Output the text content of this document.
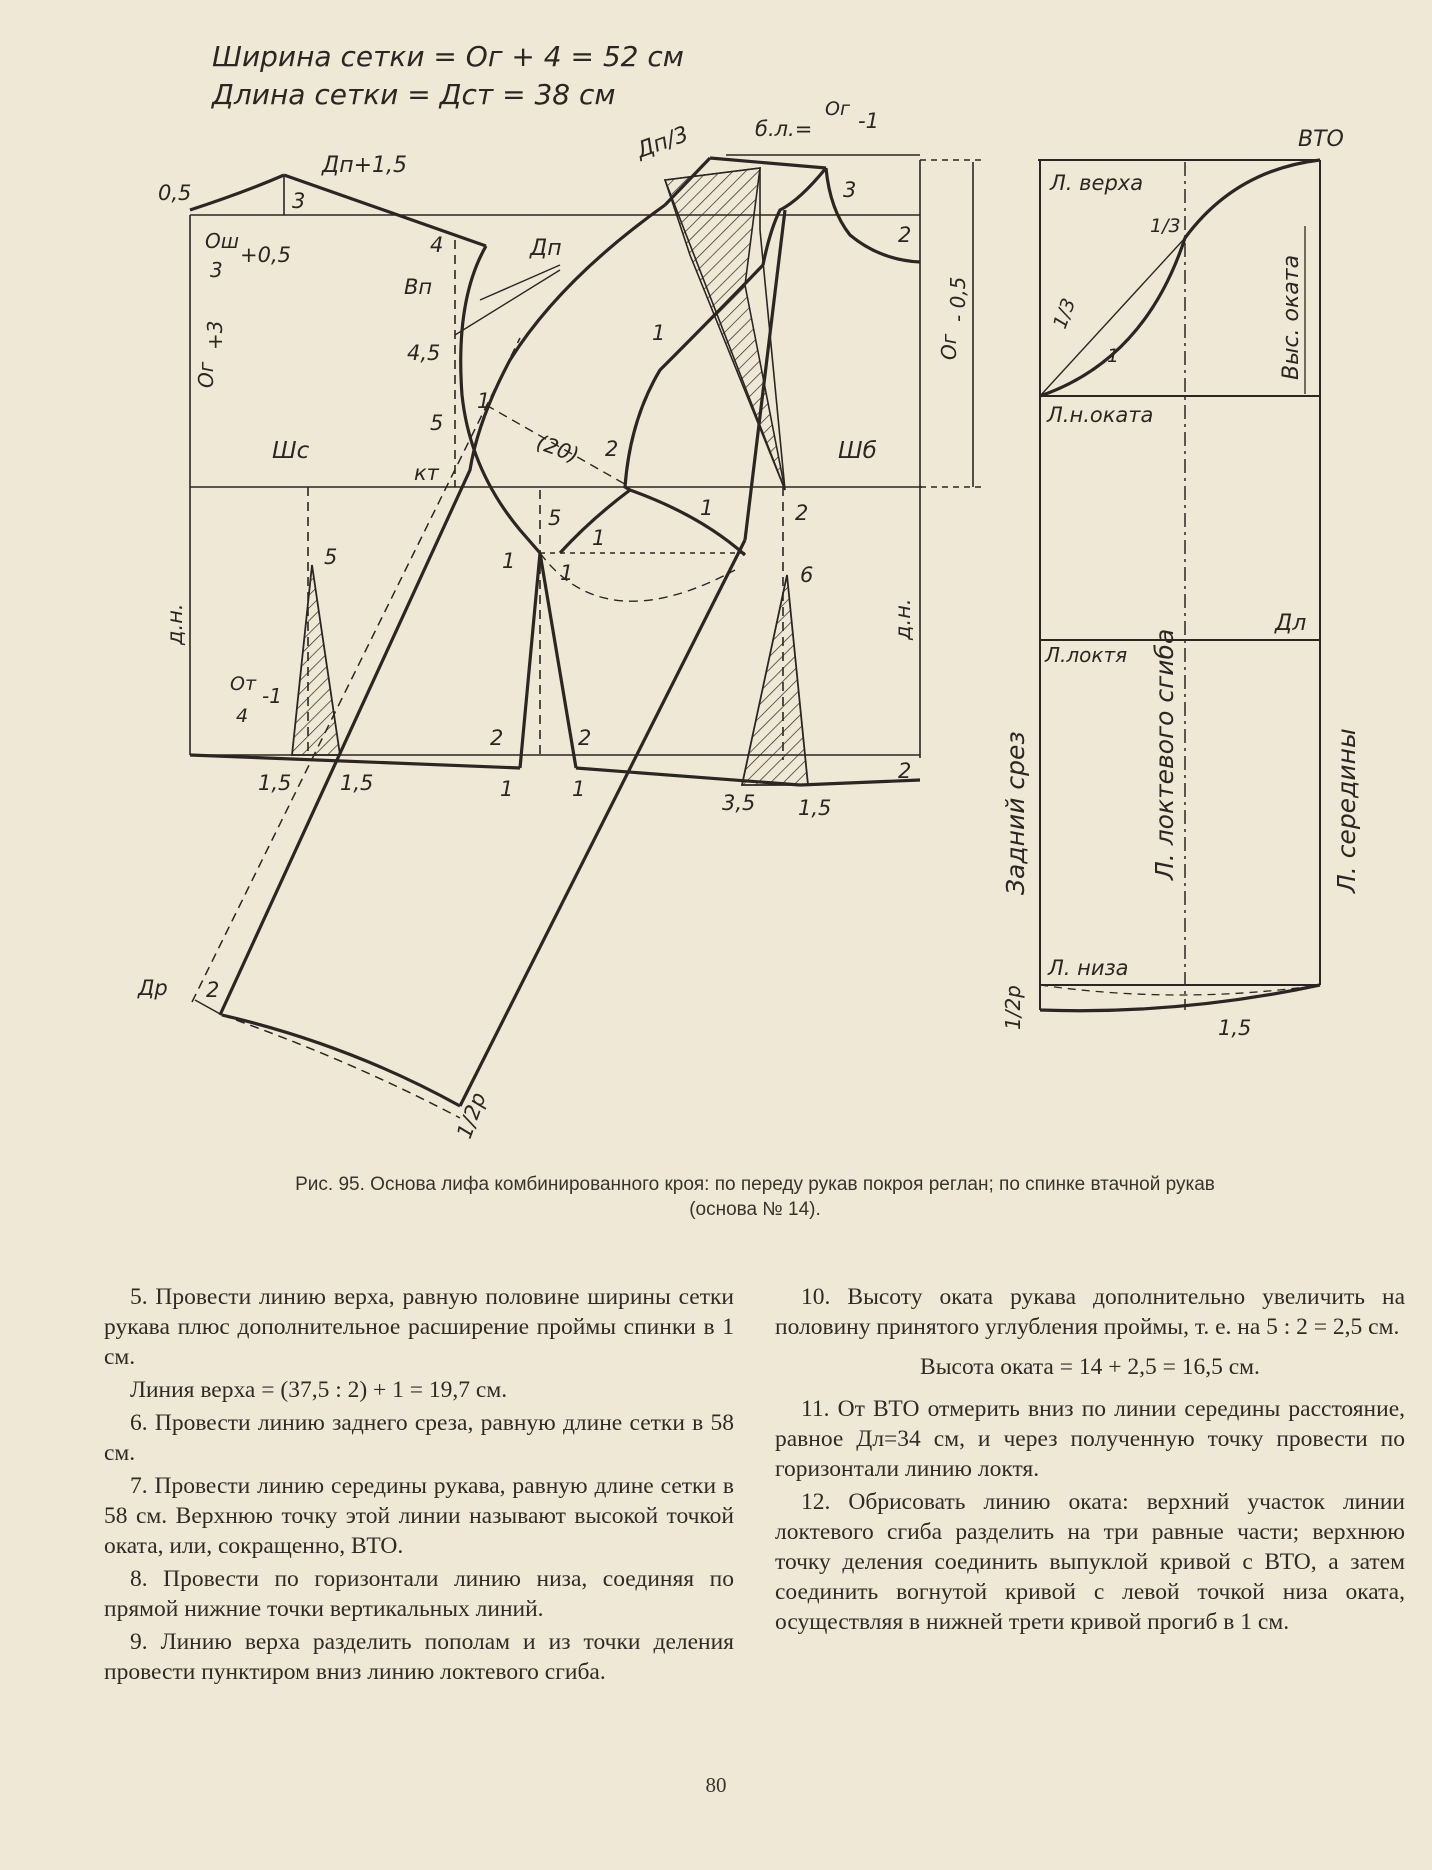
Ширина сетки = Ог + 4 = 52 см
Длина сетки = Дст = 38 см
0,5	3
Дп+1,5
Ош
+0,5
3
Ог
+3
4
Вп
4,5
5
1
Дп
Дп/3	б.л.=
Ог -1
3
2
Ог
- 0,5
1
(20) 2
Шс	Шб
кт
5
1
1
1 1
2
5
6
д.н.	д.н.
От -1
4
2	2
2
1,5 1,5	1	1
3,5 1,5
Др 2
1/2р
ВТО
Л. верха
1/3
1/3
1	Выс. оката
Л.н.оката
Л.локтя
Дл
Задний срез	Л. локтевого сгиба	Л. середины
Л. низа
1/2р	1,5
Рис. 95. Основа лифа комбинированного кроя: по переду рукав покроя реглан; по спинке втачной рукав
(основа № 14).

5. Провести линию верха, равную половине ширины сетки рукава плюс дополнительное расширение проймы спинки в 1 см.

Линия верха = (37,5 : 2) + 1 = 19,7 см.

6. Провести линию заднего среза, равную длине сетки в 58 см.

7. Провести линию середины рукава, равную длине сетки в 58 см. Верхнюю точку этой линии называют высокой точкой оката, или, сокращенно, ВТО.

8. Провести по горизонтали линию низа, соединяя по прямой нижние точки вертикальных линий.

9. Линию верха разделить пополам и из точки деления провести пунктиром вниз линию локтевого сгиба.

10. Высоту оката рукава дополнительно увеличить на половину принятого углубления проймы, т. е. на 5 : 2 = 2,5 см.

Высота оката = 14 + 2,5 = 16,5 см.

11. От ВТО отмерить вниз по линии середины расстояние, равное Дл=34 см, и через полученную точку провести по горизонтали линию локтя.

12. Обрисовать линию оката: верхний участок линии локтевого сгиба разделить на три равные части; верхнюю точку деления соединить выпуклой кривой с ВТО, а затем соединить вогнутой кривой с левой точкой низа оката, осуществляя в нижней трети кривой прогиб в 1 см.

80
